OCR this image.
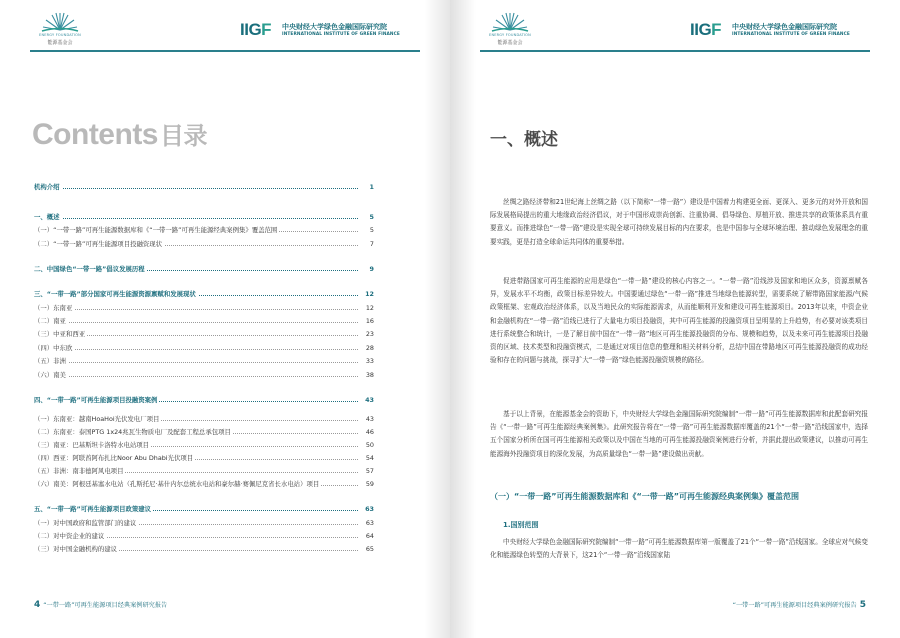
ENERGY FOUNDATION
能源基金会
IIGF 中央财经大学绿色金融国际研究院
INTERNATIONAL INSTITUTE OF GREEN FINANCE
Contents目录
机构介绍	1
一、概述	5
（一）“一带一路”可再生能源数据库和《“一带一路”可再生能源经典案例集》覆盖范围	5
（二）“一带一路”可再生能源项目投融资现状	7
二、中国绿色“一带一路”倡议发展历程	9
三、“一带一路”部分国家可再生能源资源禀赋和发展现状	12
（一）东南亚	12
（二）南亚	16
（三）中亚和西亚	23
（四）中东欧	28
（五）非洲	33
（六）南美	38
四、“一带一路”可再生能源项目投融资案例	43
（一）东南亚：越南HoaHoi光伏发电厂项目	43
（二）东南亚：泰国PTG 1x24兆瓦生物质电厂及配套工程总承包项目	46
（三）南亚：巴基斯坦卡洛特水电站项目	50
（四）西亚：阿联酋阿布扎比Noor Abu Dhabi光伏项目	54
（五）非洲：南非德阿风电项目	57
（六）南美：阿根廷基塞水电站（孔斯托尼·基什内尔总统水电站和豪尔赫·赛佩尼克省长水电站）项目	59
五、“一带一路”可再生能源项目政策建议	63
（一）对中国政府和监管部门的建议	63
（二）对中资企业的建议	64
（三）对中国金融机构的建议	65
4 “一带一路”可再生能源项目经典案例研究报告
ENERGY FOUNDATION
能源基金会
IIGF 中央财经大学绿色金融国际研究院
INTERNATIONAL INSTITUTE OF GREEN FINANCE
一、概述

丝绸之路经济带和21世纪海上丝绸之路（以下简称“一带一路”）建设是中国着力构建更全面、更深入、更多元的对外开放和国际发展格局提出的重大地缘政治经济倡议，对于中国形成崇尚创新、注重协调、倡导绿色、厚植开放、推进共享的政策体系具有重要意义。而推进绿色“一带一路”建设是实现全球可持续发展目标的内在要求，也是中国参与全球环境治理、推动绿色发展理念的重要实践，更是打造全球命运共同体的重要举措。

促进带路国家可再生能源的应用是绿色“一带一路”建设的核心内容之一。“一带一路”沿线涉及国家和地区众多，资源禀赋各异，发展水平不均衡，政策目标差异较大。中国要通过绿色“一带一路”推进当地绿色能源转型，需要系统了解带路国家能源/气候政策框架、宏观政治经济体系，以及当地民众的实际能源需求，从而能顺利开发和建设可再生能源项目。2013年以来，中资企业和金融机构在“一带一路”沿线已进行了大量电力项目投融资，其中可再生能源的投融资项目呈明显的上升趋势，有必要对该类项目进行系统整合和统计，一是了解目前中国在“一带一路”地区可再生能源投融资的分布、规模和趋势，以及未来可再生能源项目投融资的区域、技术类型和投融资模式，二是通过对项目信息的整理和相关材料分析，总结中国在带路地区可再生能源投融资的成功经验和存在的问题与挑战，探寻扩大“一带一路”绿色能源投融资规模的路径。

基于以上背景，在能源基金会的资助下，中央财经大学绿色金融国际研究院编制“一带一路”可再生能源数据库和此配套研究报告《“一带一路”可再生能源经典案例集》。此研究报告将在“一带一路”可再生能源数据库覆盖的21个“一带一路”沿线国家中，选择五个国家分析所在国可再生能源相关政策以及中国在当地的可再生能源投融资案例进行分析，并据此提出政策建议，以推动可再生能源海外投融资项目的深化发展，为高质量绿色“一带一路”建设做出贡献。

（一）“一带一路”可再生能源数据库和《“一带一路”可再生能源经典案例集》覆盖范围
1.国别范围

中央财经大学绿色金融国际研究院编制“一带一路”可再生能源数据库第一版覆盖了21个“一带一路”沿线国家。全球应对气候变化和能源绿色转型的大背景下，这21个“一带一路”沿线国家陆

“一带一路”可再生能源项目经典案例研究报告 5
